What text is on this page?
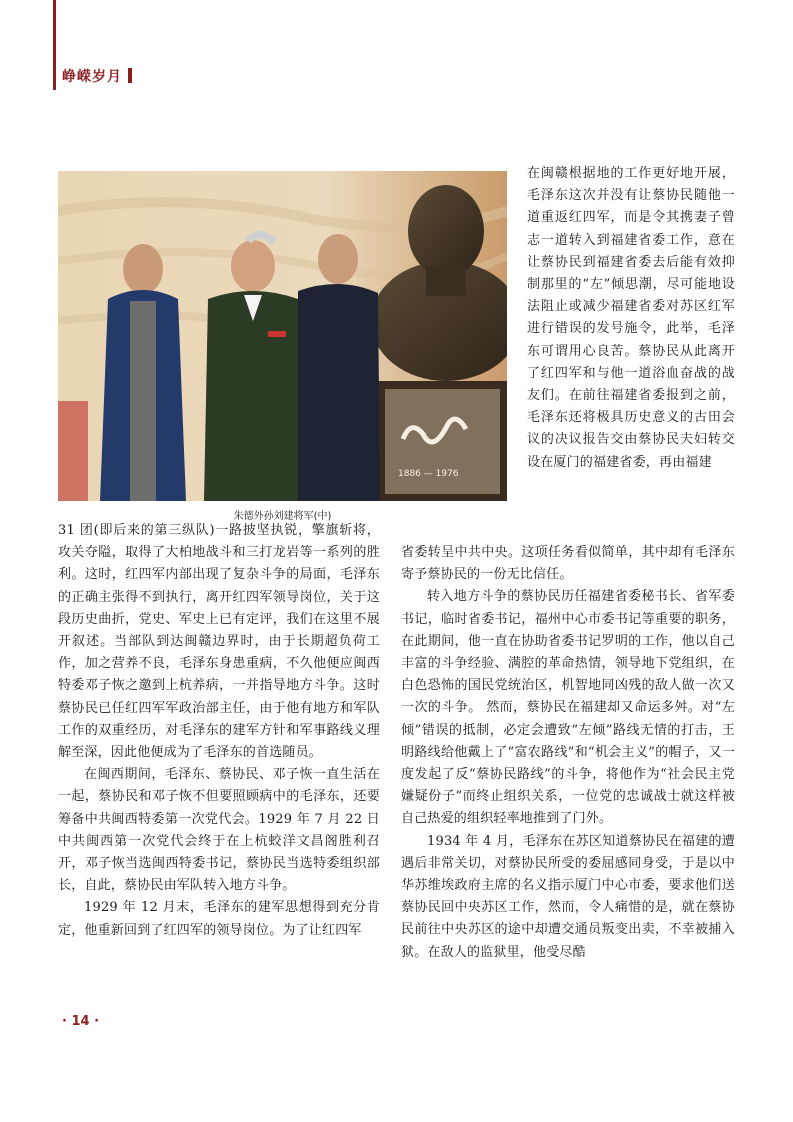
峥嵘岁月
1886 — 1976
朱德外孙刘建将军(中)

在闽赣根据地的工作更好地开展，毛泽东这次并没有让蔡协民随他一道重返红四军，而是令其携妻子曾志一道转入到福建省委工作，意在让蔡协民到福建省委去后能有效抑制那里的“左”倾思潮，尽可能地设法阻止或减少福建省委对苏区红军进行错误的发号施令，此举，毛泽东可谓用心良苦。蔡协民从此离开了红四军和与他一道浴血奋战的战友们。在前往福建省委报到之前，毛泽东还将极具历史意义的古田会议的决议报告交由蔡协民夫妇转交设在厦门的福建省委，再由福建

省委转呈中共中央。这项任务看似简单，其中却有毛泽东寄予蔡协民的一份无比信任。

转入地方斗争的蔡协民历任福建省委秘书长、省军委书记，临时省委书记，福州中心市委书记等重要的职务，在此期间，他一直在协助省委书记罗明的工作，他以自己丰富的斗争经验、满腔的革命热情，领导地下党组织，在白色恐怖的国民党统治区，机智地同凶残的敌人做一次又一次的斗争。 然而，蔡协民在福建却又命运多舛。对“左倾”错误的抵制，必定会遭致“左倾”路线无情的打击，王明路线给他戴上了“富农路线”和“机会主义”的帽子，又一度发起了反“蔡协民路线”的斗争，将他作为“社会民主党嫌疑份子”而终止组织关系，一位党的忠诚战士就这样被自己热爱的组织轻率地推到了门外。

1934 年 4 月，毛泽东在苏区知道蔡协民在福建的遭遇后非常关切，对蔡协民所受的委屈感同身受，于是以中华苏维埃政府主席的名义指示厦门中心市委，要求他们送蔡协民回中央苏区工作，然而，令人痛惜的是，就在蔡协民前往中央苏区的途中却遭交通员叛变出卖，不幸被捕入狱。在敌人的监狱里，他受尽酷

31 团(即后来的第三纵队)一路披坚执锐，擎旗斩将，攻关夺隘，取得了大柏地战斗和三打龙岩等一系列的胜利。这时，红四军内部出现了复杂斗争的局面，毛泽东的正确主张得不到执行，离开红四军领导岗位，关于这段历史曲折，党史、军史上已有定评，我们在这里不展开叙述。当部队到达闽赣边界时，由于长期超负荷工作，加之营养不良，毛泽东身患重病，不久他便应闽西特委邓子恢之邀到上杭养病，一并指导地方斗争。这时蔡协民已任红四军军政治部主任，由于他有地方和军队工作的双重经历，对毛泽东的建军方针和军事路线义理解至深，因此他便成为了毛泽东的首选随员。

在闽西期间，毛泽东、蔡协民、邓子恢一直生活在一起，蔡协民和邓子恢不但要照顾病中的毛泽东，还要筹备中共闽西特委第一次党代会。1929 年 7 月 22 日中共闽西第一次党代会终于在上杭蛟洋文昌阁胜利召开，邓子恢当选闽西特委书记，蔡协民当选特委组织部长，自此，蔡协民由军队转入地方斗争。

1929 年 12 月末，毛泽东的建军思想得到充分肯定，他重新回到了红四军的领导岗位。为了让红四军

· 14 ·
